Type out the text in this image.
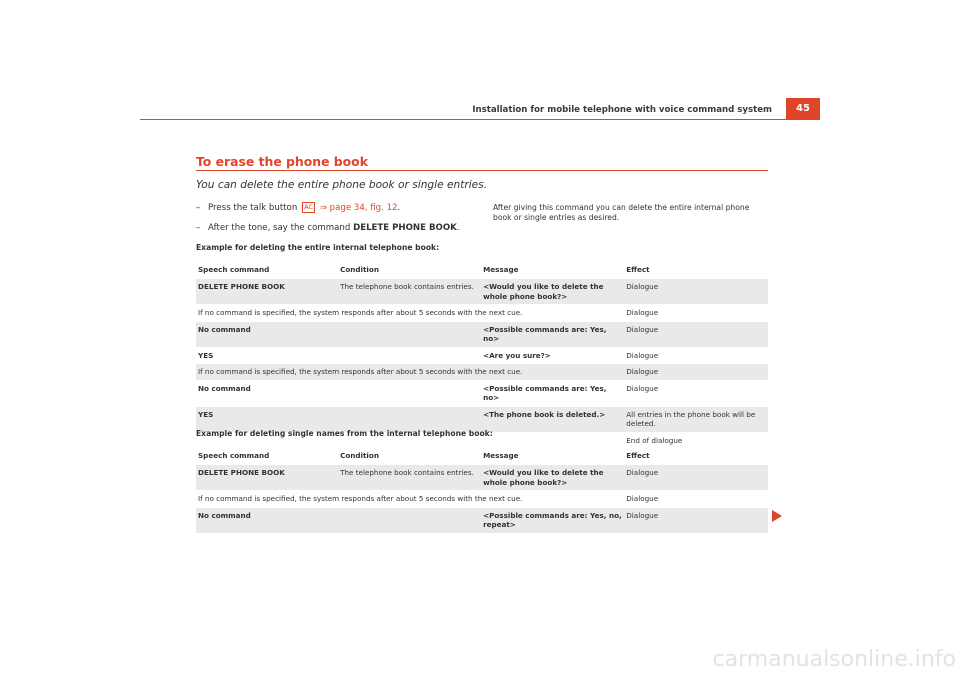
Installation for mobile telephone with voice command system	45
To erase the phone book
You can delete the entire phone book or single entries.
– Press the talk button AC ⇒ page 34, fig. 12.
– After the tone, say the command DELETE PHONE BOOK.
After giving this command you can delete the entire internal phone book or single entries as desired.
Example for deleting the entire internal telephone book:
Speech command	Condition	Message	Effect
DELETE PHONE BOOK	The telephone book contains entries.	<Would you like to delete the whole phone book?>	Dialogue
If no command is specified, the system responds after about 5 seconds with the next cue.			Dialogue
No command		<Possible commands are: Yes, no>	Dialogue
YES		<Are you sure?>	Dialogue
If no command is specified, the system responds after about 5 seconds with the next cue.			Dialogue
No command		<Possible commands are: Yes, no>	Dialogue
YES		<The phone book is deleted.>	All entries in the phone book will be deleted.
			End of dialogue
Example for deleting single names from the internal telephone book:
Speech command	Condition	Message	Effect
DELETE PHONE BOOK	The telephone book contains entries.	<Would you like to delete the whole phone book?>	Dialogue
If no command is specified, the system responds after about 5 seconds with the next cue.			Dialogue
No command		<Possible commands are: Yes, no, repeat>	Dialogue
carmanualsonline.info
